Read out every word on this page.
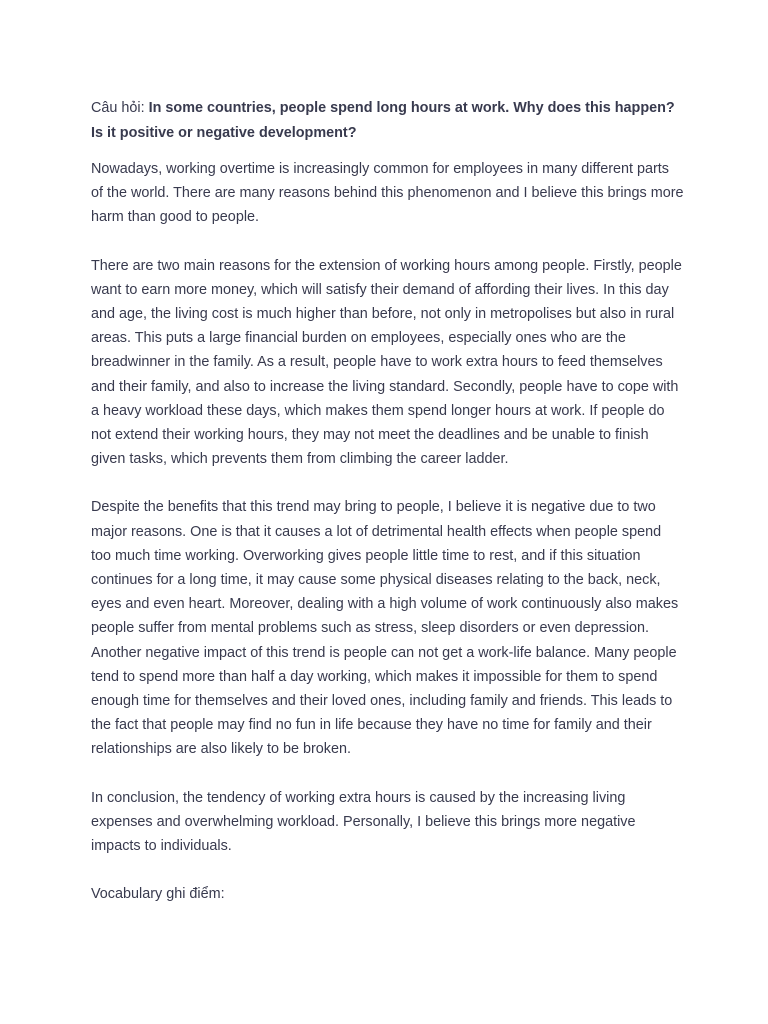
Câu hỏi: In some countries, people spend long hours at work. Why does this happen? Is it positive or negative development?

Nowadays, working overtime is increasingly common for employees in many different parts of the world. There are many reasons behind this phenomenon and I believe this brings more harm than good to people.

There are two main reasons for the extension of working hours among people. Firstly, people want to earn more money, which will satisfy their demand of affording their lives. In this day and age, the living cost is much higher than before, not only in metropolises but also in rural areas. This puts a large financial burden on employees, especially ones who are the breadwinner in the family. As a result, people have to work extra hours to feed themselves and their family, and also to increase the living standard. Secondly, people have to cope with a heavy workload these days, which makes them spend longer hours at work. If people do not extend their working hours, they may not meet the deadlines and be unable to finish given tasks, which prevents them from climbing the career ladder.

Despite the benefits that this trend may bring to people, I believe it is negative due to two major reasons. One is that it causes a lot of detrimental health effects when people spend too much time working. Overworking gives people little time to rest, and if this situation continues for a long time, it may cause some physical diseases relating to the back, neck, eyes and even heart. Moreover, dealing with a high volume of work continuously also makes people suffer from mental problems such as stress, sleep disorders or even depression. Another negative impact of this trend is people can not get a work-life balance. Many people tend to spend more than half a day working, which makes it impossible for them to spend enough time for themselves and their loved ones, including family and friends. This leads to the fact that people may find no fun in life because they have no time for family and their relationships are also likely to be broken.

In conclusion, the tendency of working extra hours is caused by the increasing living expenses and overwhelming workload. Personally, I believe this brings more negative impacts to individuals.

Vocabulary ghi điểm:
